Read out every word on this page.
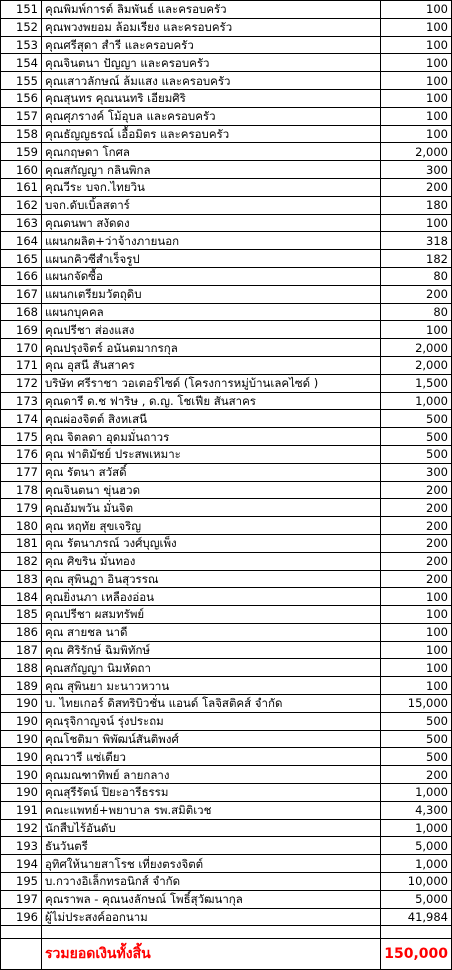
151	คุณพิมพ์การต์ ลิมพันธ์ และครอบครัว	100
152	คุณพวงพยอม ล้อมเรียง และครอบครัว	100
153	คุณศรีสุดา สำรี และครอบครัว	100
154	คุณจินตนา ปัญญา และครอบครัว	100
155	คุณเสาวลักษณ์ ล้มแสง และครอบครัว	100
156	คุณสุนทร คุณนนทริ เอียมศิริ	100
157	คุณศุภรางค์ โม้อุบล และครอบครัว	100
158	คุณธัญญธรณ์ เอื้อมิตร และครอบครัว	100
159	คุณกฤษดา โกศล	2,000
160	คุณสกัญญา กลินพิกล	300
161	คุณวีระ บจก.ไทยวิน	200
162	บจก.ดับเบิ้ลสตาร์	180
163	คุณดนพา สงัดดง	100
164	แผนกผลิต+ว่าจ้างภายนอก	318
165	แผนกคิวซีสำเร็จรูป	182
166	แผนกจัดซื้อ	80
167	แผนกเตรียมวัตถุดิบ	200
168	แผนกบุคคล	80
169	คุณปรีชา ส่องแสง	100
170	คุณปรุงจิตร์ อนันตมากรกุล	2,000
171	คุณ อุสนี สันสาคร	2,000
172	บริษัท ศรีราชา วอเตอร์ไซด์ (โครงการหมู่บ้านเลคไซด์ )	1,500
173	คุณดารี ด.ช ฟาริษ , ด.ญ. โชเฟีย สันสาคร	1,000
174	คุณผ่องจิตต์ สิงหเสนี	500
175	คุณ จิตลดา อุดมมั่นถาวร	500
176	คุณ ฟาติมัชย์ ประสพเหมาะ	500
177	คุณ รัตนา สวัสดิ์	300
178	คุณจินตนา ขุ่นฮวด	200
179	คุณอัมพวัน มั่นจิต	200
180	คุณ หฤทัย สุขเจริญ	200
181	คุณ รัตนาภรณ์ วงศ์บุญเพ็ง	200
182	คุณ ศิขริน มั่นทอง	200
183	คุณ สุพินฏา อินสุวรรณ	200
184	คุณยิ่งนภา เหลืองอ่อน	100
185	คุณปรีชา ผสมทรัพย์	100
186	คุณ สายชล นาดี	100
187	คุณ ศิริรักษ์ ฉิมพิทักษ์	100
188	คุณสกัญญา นิมหัดถา	100
189	คุณ สุพินยา มะนาวหวาน	100
190	บ. ไทยเกอร์ ดิสทริบิวชั่น แอนด์ โลจิสติคส์ จำกัด	15,000
190	คุณรุจิกาญจน์ รุ่งประถม	500
190	คุณโชติมา พิพัฒน์สันติพงศ์	500
190	คุณวารี แซ่เตียว	500
190	คุณมณฑาทิพย์ ลายกลาง	200
190	คุณสุรีรัตน์ ปิยะอารีธรรม	1,000
191	คณะแพทย์+พยาบาล รพ.สมิติเวช	4,300
192	นักสืบไร้อันดับ	1,000
193	ธันวันตรี	5,000
194	อุทิศให้นายสาโรช เที่ยงตรงจิตต์	1,000
195	บ.กวางอิเล็กทรอนิกส์ จำกัด	10,000
197	คุณราพล - คุณนงลักษณ์ โพธิ์สุวัฒนากุล	5,000
196	ผู้ไม่ประสงค์ออกนาม	41,984

	รวมยอดเงินทั้งสิ้น	150,000
